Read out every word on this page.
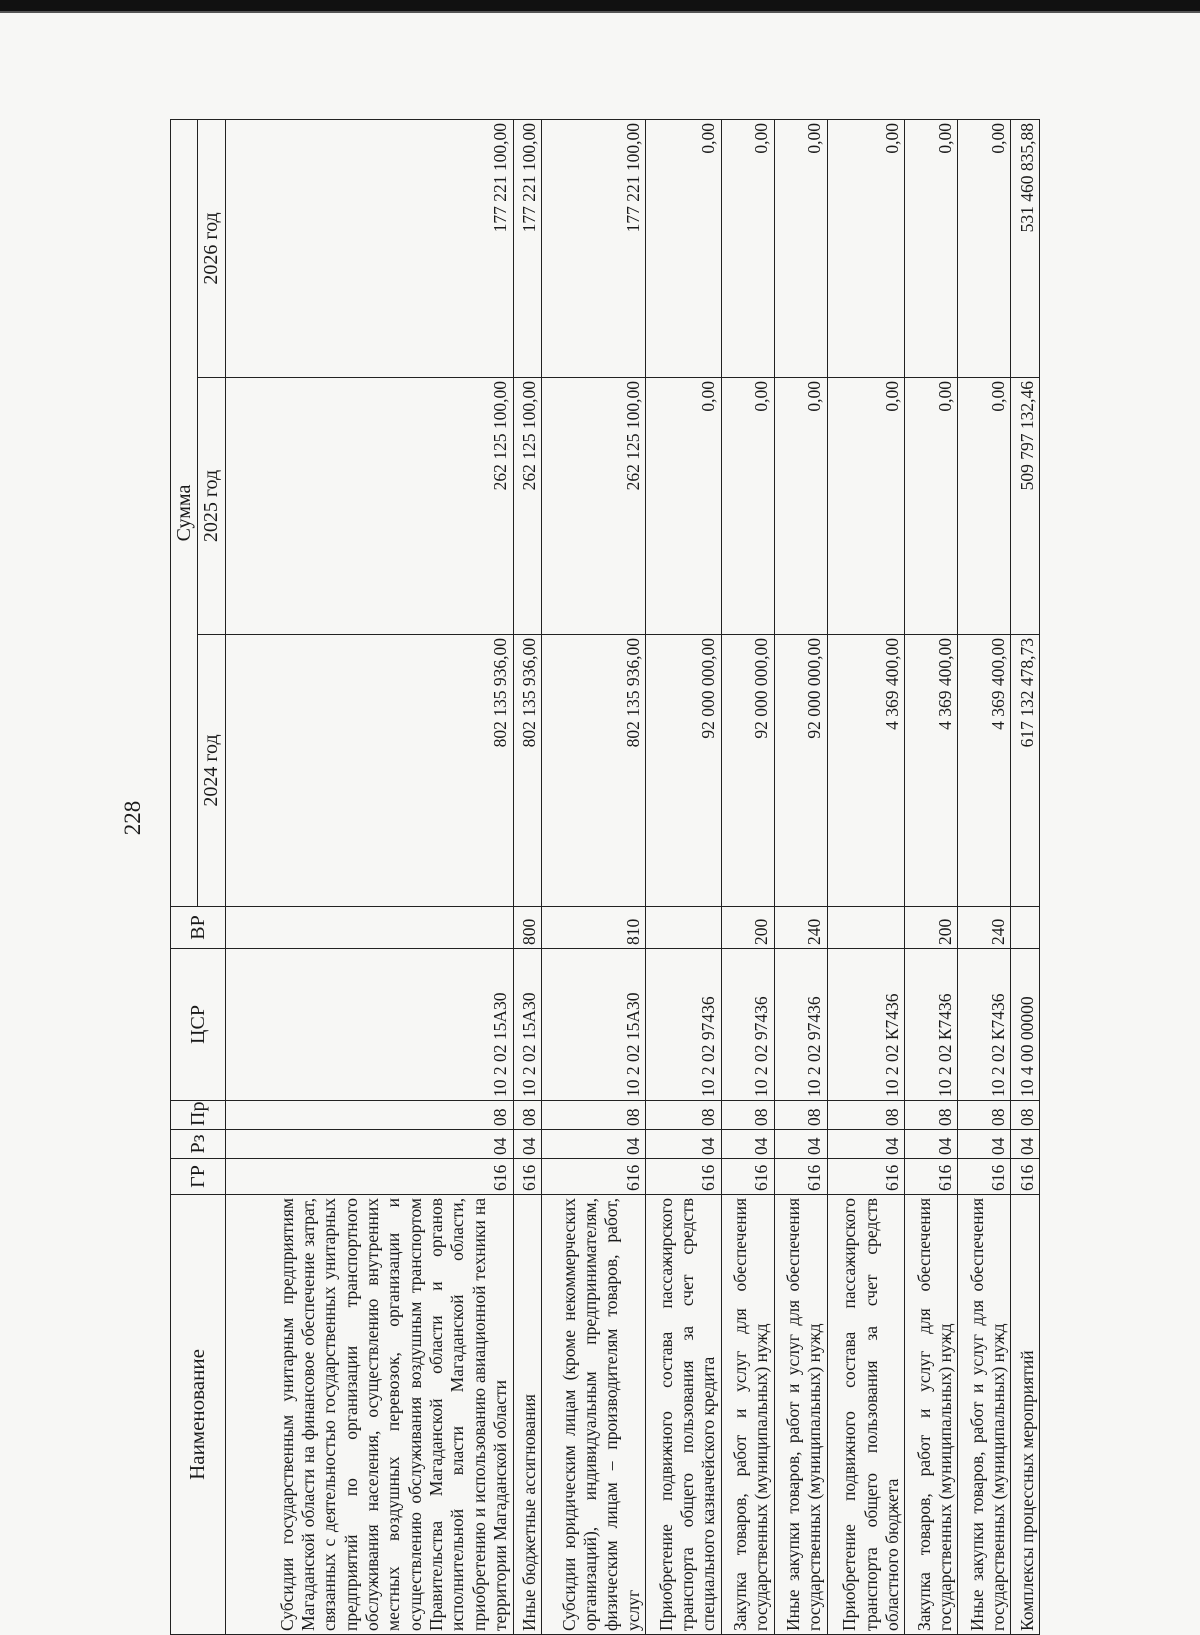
228
Наименование	ГР	Рз	Пр	ЦСР	ВР	Сумма		
						2024 год	2025 год	2026 год
Субсидии государственным унитарным предприятиям Магаданской области на финансовое обеспечение затрат, связанных с деятельностью государственных унитарных предприятий по организации транспортного обслуживания населения, осуществлению внутренних местных воздушных перевозок, организации и осуществлению обслуживания воздушным транспортом Правительства Магаданской области и органов исполнительной власти Магаданской области, приобретению и использованию авиационной техники на территории Магаданской области	616	04	08	10 2 02 15А30		802 135 936,00	262 125 100,00	177 221 100,00
Иные бюджетные ассигнования	616	04	08	10 2 02 15А30	800	802 135 936,00	262 125 100,00	177 221 100,00
Субсидии юридическим лицам (кроме некоммерческих организаций), индивидуальным предпринимателям, физическим лицам – производителям товаров, работ, услуг	616	04	08	10 2 02 15А30	810	802 135 936,00	262 125 100,00	177 221 100,00
Приобретение подвижного состава пассажирского транспорта общего пользования за счет средств специального казначейского кредита	616	04	08	10 2 02 97436		92 000 000,00	0,00	0,00
Закупка товаров, работ и услуг для обеспечения государственных (муниципальных) нужд	616	04	08	10 2 02 97436	200	92 000 000,00	0,00	0,00
Иные закупки товаров, работ и услуг для обеспечения государственных (муниципальных) нужд	616	04	08	10 2 02 97436	240	92 000 000,00	0,00	0,00
Приобретение подвижного состава пассажирского транспорта общего пользования за счет средств областного бюджета	616	04	08	10 2 02 К7436		4 369 400,00	0,00	0,00
Закупка товаров, работ и услуг для обеспечения государственных (муниципальных) нужд	616	04	08	10 2 02 К7436	200	4 369 400,00	0,00	0,00
Иные закупки товаров, работ и услуг для обеспечения государственных (муниципальных) нужд	616	04	08	10 2 02 К7436	240	4 369 400,00	0,00	0,00
Комплексы процессных мероприятий	616	04	08	10 4 00 00000		617 132 478,73	509 797 132,46	531 460 835,88
